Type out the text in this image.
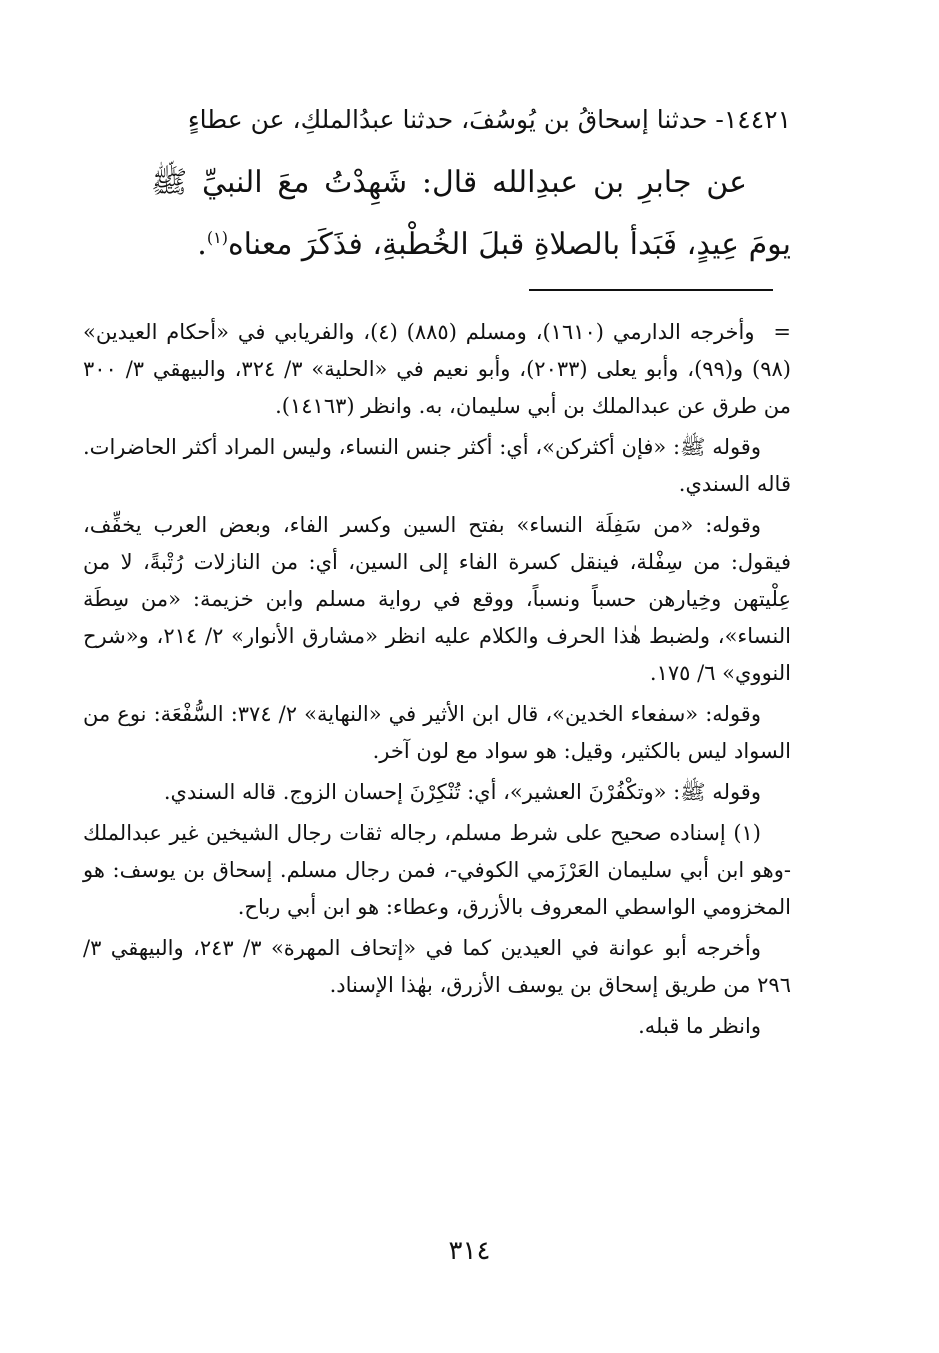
١٤٤٢١- حدثنا إسحاقُ بن يُوسُفَ، حدثنا عبدُالملكِ، عن عطاءٍ
عن جابرِ بن عبدِالله قال: شَهِدْتُ معَ النبيِّ ﷺ يومَ عِيدٍ، فَبَدأ بالصلاةِ قبلَ الخُطْبةِ، فذَكَرَ معناه$^{(١)}$.

= وأخرجه الدارمي (١٦١٠)، ومسلم (٨٨٥) (٤)، والفريابي في «أحكام العيدين» (٩٨) و(٩٩)، وأبو يعلى (٢٠٣٣)، وأبو نعيم في «الحلية» ٣/ ٣٢٤، والبيهقي ٣/ ٣٠٠ من طرق عن عبدالملك بن أبي سليمان، به. وانظر (١٤١٦٣).

وقوله ﷺ: «فإن أكثركن»، أي: أكثر جنس النساء، وليس المراد أكثر الحاضرات. قاله السندي.

وقوله: «من سَفِلَة النساء» بفتح السين وكسر الفاء، وبعض العرب يخفِّف، فيقول: من سِفْلة، فينقل كسرة الفاء إلى السين، أي: من النازلات رُتْبةً، لا من عِلْيتهن وخِيارهن حسباً ونسباً، ووقع في رواية مسلم وابن خزيمة: «من سِطَة النساء»، ولضبط هٰذا الحرف والكلام عليه انظر «مشارق الأنوار» ٢/ ٢١٤، و«شرح النووي» ٦/ ١٧٥.

وقوله: «سفعاء الخدين»، قال ابن الأثير في «النهاية» ٢/ ٣٧٤: السُّفْعَة: نوع من السواد ليس بالكثير، وقيل: هو سواد مع لون آخر.

وقوله ﷺ: «وتكْفُرْنَ العشير»، أي: تُنْكِرْنَ إحسان الزوج. قاله السندي.

(١) إسناده صحيح على شرط مسلم، رجاله ثقات رجال الشيخين غير عبدالملك -وهو ابن أبي سليمان العَرْزَمي الكوفي-، فمن رجال مسلم. إسحاق بن يوسف: هو المخزومي الواسطي المعروف بالأزرق، وعطاء: هو ابن أبي رباح.

وأخرجه أبو عوانة في العيدين كما في «إتحاف المهرة» ٣/ ٢٤٣، والبيهقي ٣/ ٢٩٦ من طريق إسحاق بن يوسف الأزرق، بهٰذا الإسناد.

وانظر ما قبله.

٣١٤
